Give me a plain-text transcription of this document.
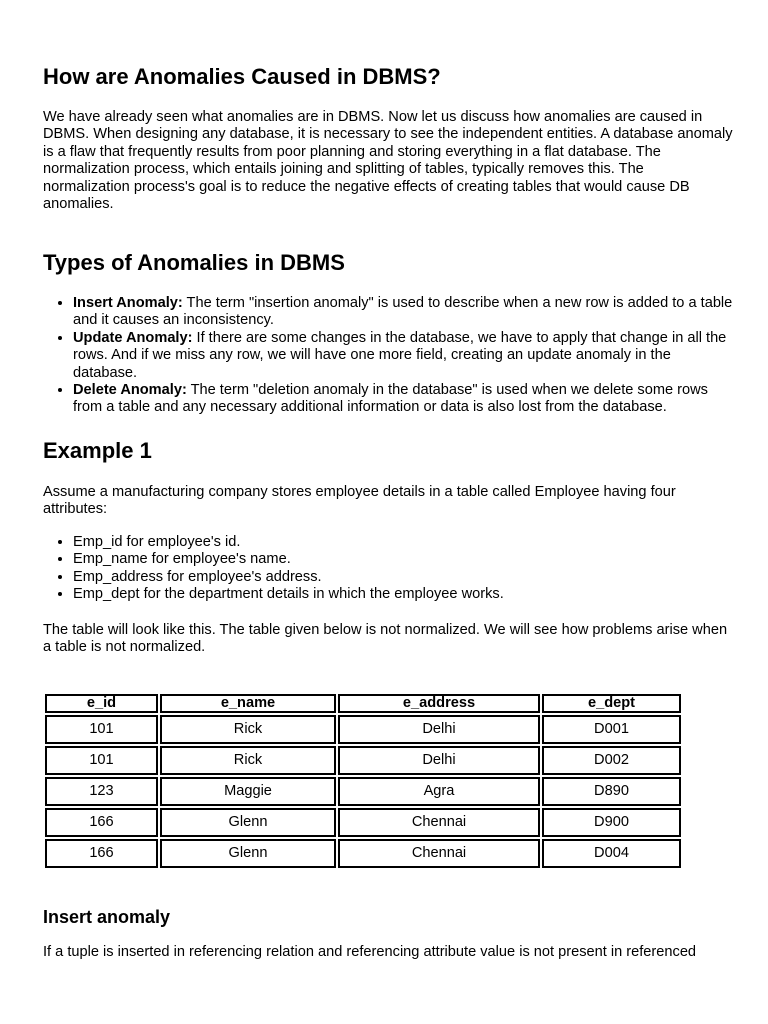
How are Anomalies Caused in DBMS?

We have already seen what anomalies are in DBMS. Now let us discuss how anomalies are caused in DBMS. When designing any database, it is necessary to see the independent entities. A database anomaly is a flaw that frequently results from poor planning and storing everything in a flat database. The normalization process, which entails joining and splitting of tables, typically removes this. The normalization process's goal is to reduce the negative effects of creating tables that would cause DB anomalies.

Types of Anomalies in DBMS
• Insert Anomaly: The term "insertion anomaly" is used to describe when a new row is added to a table and it causes an inconsistency.
• Update Anomaly: If there are some changes in the database, we have to apply that change in all the rows. And if we miss any row, we will have one more field, creating an update anomaly in the database.
• Delete Anomaly: The term "deletion anomaly in the database" is used when we delete some rows from a table and any necessary additional information or data is also lost from the database.
Example 1

Assume a manufacturing company stores employee details in a table called Employee having four attributes:

• Emp_id for employee's id.
• Emp_name for employee's name.
• Emp_address for employee's address.
• Emp_dept for the department details in which the employee works.

The table will look like this. The table given below is not normalized. We will see how problems arise when a table is not normalized.

e_id	e_name	e_address	e_dept
101	Rick	Delhi	D001
101	Rick	Delhi	D002
123	Maggie	Agra	D890
166	Glenn	Chennai	D900
166	Glenn	Chennai	D004
Insert anomaly

If a tuple is inserted in referencing relation and referencing attribute value is not present in referenced
